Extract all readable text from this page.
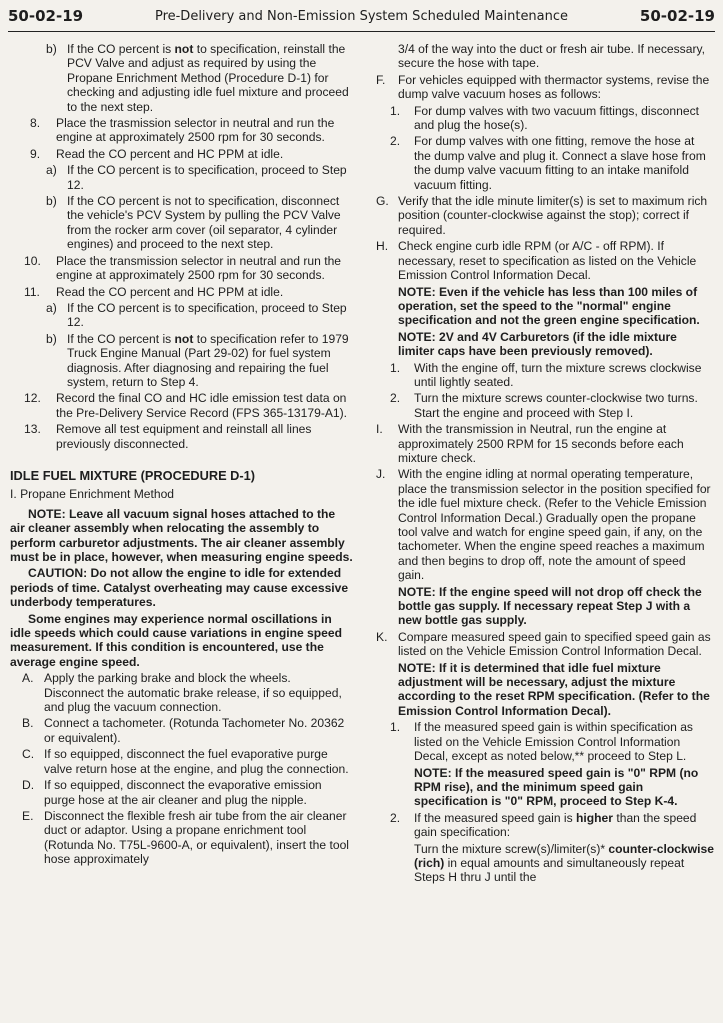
50-02-19	Pre-Delivery and Non-Emission System Scheduled Maintenance	50-02-19
b) If the CO percent is not to specification, reinstall the PCV Valve and adjust as required by using the Propane Enrichment Method (Procedure D-1) for checking and adjusting idle fuel mixture and proceed to the next step.
8. Place the trasmission selector in neutral and run the engine at approximately 2500 rpm for 30 seconds.
9. Read the CO percent and HC PPM at idle.
a) If the CO percent is to specification, proceed to Step 12.
b) If the CO percent is not to specification, disconnect the vehicle's PCV System by pulling the PCV Valve from the rocker arm cover (oil separator, 4 cylinder engines) and proceed to the next step.
10. Place the transmission selector in neutral and run the engine at approximately 2500 rpm for 30 seconds.
11. Read the CO percent and HC PPM at idle.
a) If the CO percent is to specification, proceed to Step 12.
b) If the CO percent is not to specification refer to 1979 Truck Engine Manual (Part 29-02) for fuel system diagnosis. After diagnosing and repairing the fuel system, return to Step 4.
12. Record the final CO and HC idle emission test data on the Pre-Delivery Service Record (FPS 365-13179-A1).
13. Remove all test equipment and reinstall all lines previously disconnected.
IDLE FUEL MIXTURE (PROCEDURE D-1)
I. Propane Enrichment Method

NOTE: Leave all vacuum signal hoses attached to the air cleaner assembly when relocating the assembly to perform carburetor adjustments. The air cleaner assembly must be in place, however, when measuring engine speeds.

CAUTION: Do not allow the engine to idle for extended periods of time. Catalyst overheating may cause excessive underbody temperatures.

Some engines may experience normal oscillations in idle speeds which could cause variations in engine speed measurement. If this condition is encountered, use the average engine speed.

A. Apply the parking brake and block the wheels. Disconnect the automatic brake release, if so equipped, and plug the vacuum connection.
B. Connect a tachometer. (Rotunda Tachometer No. 20362 or equivalent).
C. If so equipped, disconnect the fuel evaporative purge valve return hose at the engine, and plug the connection.
D. If so equipped, disconnect the evaporative emission purge hose at the air cleaner and plug the nipple.
E. Disconnect the flexible fresh air tube from the air cleaner duct or adaptor. Using a propane enrichment tool (Rotunda No. T75L-9600-A, or equivalent), insert the tool hose approximately

3/4 of the way into the duct or fresh air tube. If necessary, secure the hose with tape.

F. For vehicles equipped with thermactor systems, revise the dump valve vacuum hoses as follows:
1. For dump valves with two vacuum fittings, disconnect and plug the hose(s).
2. For dump valves with one fitting, remove the hose at the dump valve and plug it. Connect a slave hose from the dump valve vacuum fitting to an intake manifold vacuum fitting.
G. Verify that the idle minute limiter(s) is set to maximum rich position (counter-clockwise against the stop); correct if required.
H. Check engine curb idle RPM (or A/C - off RPM). If necessary, reset to specification as listed on the Vehicle Emission Control Information Decal.

NOTE: Even if the vehicle has less than 100 miles of operation, set the speed to the "normal" engine specification and not the green engine specification.

NOTE: 2V and 4V Carburetors (if the idle mixture limiter caps have been previously removed).

1. With the engine off, turn the mixture screws clockwise until lightly seated.
2. Turn the mixture screws counter-clockwise two turns. Start the engine and proceed with Step I.
I. With the transmission in Neutral, run the engine at approximately 2500 RPM for 15 seconds before each mixture check.
J. With the engine idling at normal operating temperature, place the transmission selector in the position specified for the idle fuel mixture check. (Refer to the Vehicle Emission Control Information Decal.) Gradually open the propane tool valve and watch for engine speed gain, if any, on the tachometer. When the engine speed reaches a maximum and then begins to drop off, note the amount of speed gain.

NOTE: If the engine speed will not drop off check the bottle gas supply. If necessary repeat Step J with a new bottle gas supply.

K. Compare measured speed gain to specified speed gain as listed on the Vehicle Emission Control Information Decal.

NOTE: If it is determined that idle fuel mixture adjustment will be necessary, adjust the mixture according to the reset RPM specification. (Refer to the Emission Control Information Decal).

1. If the measured speed gain is within specification as listed on the Vehicle Emission Control Information Decal, except as noted below,** proceed to Step L.

NOTE: If the measured speed gain is "0" RPM (no RPM rise), and the minimum speed gain specification is "0" RPM, proceed to Step K-4.

2. If the measured speed gain is higher than the speed gain specification:

Turn the mixture screw(s)/limiter(s)* counter-clockwise (rich) in equal amounts and simultaneously repeat Steps H thru J until the
